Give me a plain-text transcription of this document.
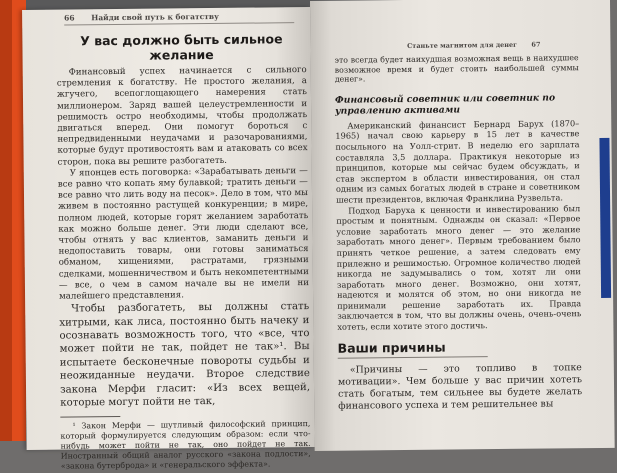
66 Найди свой путь к богатству
У вас должно быть сильное желание

Финансовый успех начинается с сильного стремления к богатству. Не простого желания, а жгучего, всепоглощающего намерения стать миллионером. Заряд вашей целеустремленности и решимость остро необходимы, чтобы продолжать двигаться вперед. Они помогут бороться с непредвиденными неудачами и разочарованиями, которые будут противостоять вам и атаковать со всех сторон, пока вы решите разбогатеть.

У японцев есть поговорка: «Зарабатывать деньги — все равно что копать яму булавкой; тратить деньги — все равно что лить воду на песок». Дело в том, что мы живем в постоянно растущей конкуренции; в мире, полном людей, которые горят желанием заработать как можно больше денег. Эти люди сделают все, чтобы отнять у вас клиентов, заманить деньги и недопоставить товары, они готовы заниматься обманом, хищениями, растратами, грязными сделками, мошенничеством и быть некомпетентными — все, о чем в самом начале вы не имели ни малейшего представления.

Чтобы разбогатеть, вы должны стать хитрыми, как лиса, постоянно быть начеку и осознавать возможность того, что «все, что может пойти не так, пойдет не так»¹. Вы испытаете бесконечные повороты судьбы и неожиданные неудачи. Второе следствие закона Мерфи гласит: «Из всех вещей, которые могут пойти не так,

¹ Закон Мерфи — шутливый философский принцип, который формулируется следующим образом: если что-нибудь может пойти не так, оно пойдет не так. Иностранный общий аналог русского «закона подлости», «закона бутерброда» и «генеральского эффекта».

Станьте магнитом для денег 67

это всегда будет наихудшая возможная вещь в наихудшее возможное время и будет стоить наибольшей суммы денег».

Финансовый советник или советник по управлению активами

Американский финансист Бернард Барух (1870–1965) начал свою карьеру в 15 лет в качестве посыльного на Уолл-стрит. В неделю его зарплата составляла 3,5 доллара. Практикуя некоторые из принципов, которые мы сейчас будем обсуждать, и став экспертом в области инвестирования, он стал одним из самых богатых людей в стране и советником шести президентов, включая Франклина Рузвельта.

Подход Баруха к ценности и инвестированию был простым и понятным. Однажды он сказал: «Первое условие заработать много денег — это желание заработать много денег». Первым требованием было принять четкое решение, а затем следовать ему прилежно и решимостью. Огромное количество людей никогда не задумывались о том, хотят ли они заработать много денег. Возможно, они хотят, надеются и молятся об этом, но они никогда не принимали решение заработать их. Правда заключается в том, что вы должны очень, очень-очень хотеть, если хотите этого достичь.

Ваши причины

«Причины — это топливо в топке мотивации». Чем больше у вас причин хотеть стать богатым, тем сильнее вы будете желать финансового успеха и тем решительнее вы
